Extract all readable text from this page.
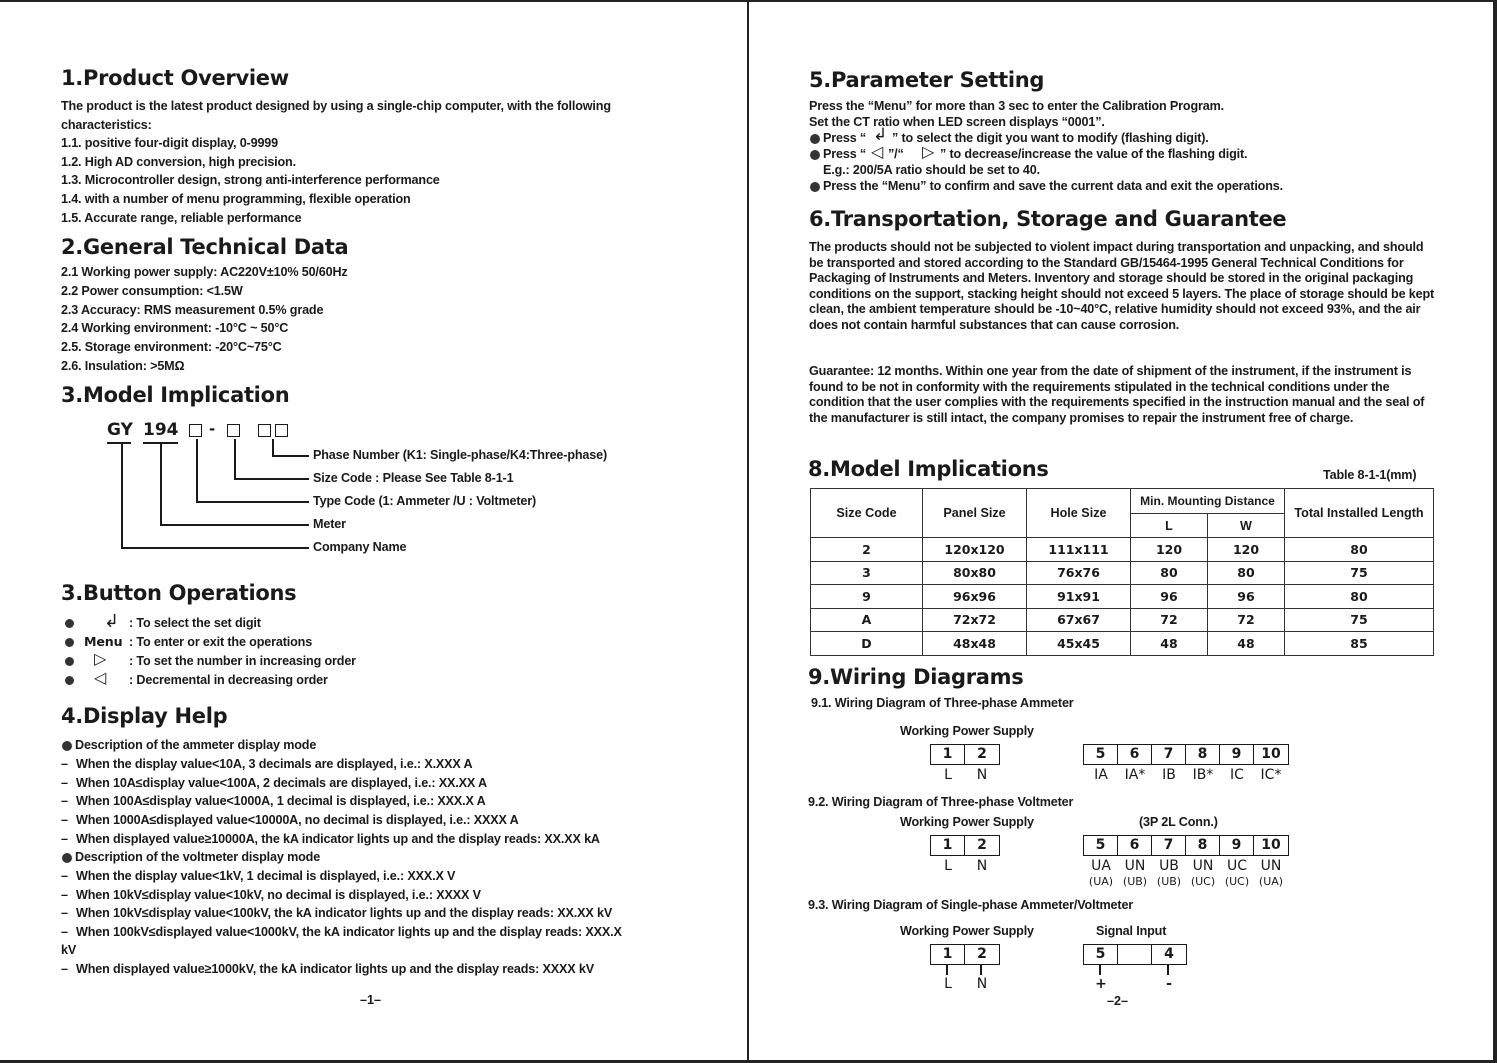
1.Product Overview
The product is the latest product designed by using a single-chip computer, with the following
characteristics:
1.1. positive four-digit display, 0-9999
1.2. High AD conversion, high precision.
1.3. Microcontroller design, strong anti-interference performance
1.4. with a number of menu programming, flexible operation
1.5. Accurate range, reliable performance
2.General Technical Data
2.1 Working power supply: AC220V±10% 50/60Hz
2.2 Power consumption: <1.5W
2.3 Accuracy: RMS measurement 0.5% grade
2.4 Working environment: -10°C ~ 50°C
2.5. Storage environment: -20°C~75°C
2.6. Insulation: >5MΩ
3.Model Implication
GY 194 -
Phase Number (K1: Single-phase/K4:Three-phase)
Size Code : Please See Table 8-1-1
Type Code (1: Ammeter /U : Voltmeter)
Meter
Company Name
3.Button Operations
↲ : To select the set digit
Menu : To enter or exit the operations
▷ : To set the number in increasing order
◁ : Decremental in decreasing order
4.Display Help
Description of the ammeter display mode
– When the display value<10A, 3 decimals are displayed, i.e.: X.XXX A
– When 10A≤display value<100A, 2 decimals are displayed, i.e.: XX.XX A
– When 100A≤display value<1000A, 1 decimal is displayed, i.e.: XXX.X A
– When 1000A≤displayed value<10000A, no decimal is displayed, i.e.: XXXX A
– When displayed value≥10000A, the kA indicator lights up and the display reads: XX.XX kA
Description of the voltmeter display mode
– When the display value<1kV, 1 decimal is displayed, i.e.: XXX.X V
– When 10kV≤display value<10kV, no decimal is displayed, i.e.: XXXX V
– When 10kV≤display value<100kV, the kA indicator lights up and the display reads: XX.XX kV
– When 100kV≤displayed value<1000kV, the kA indicator lights up and the display reads: XXX.X
kV
– When displayed value≥1000kV, the kA indicator lights up and the display reads: XXXX kV
–1–
5.Parameter Setting
Press the “Menu” for more than 3 sec to enter the Calibration Program.
Set the CT ratio when LED screen displays “0001”.
Press “ ↲ ” to select the digit you want to modify (flashing digit).
Press “ ◁ ”/“ ▷ ” to decrease/increase the value of the flashing digit.
E.g.: 200/5A ratio should be set to 40.
Press the “Menu” to confirm and save the current data and exit the operations.
6.Transportation, Storage and Guarantee
The products should not be subjected to violent impact during transportation and unpacking, and should be transported and stored according to the Standard GB/15464-1995 General Technical Conditions for Packaging of Instruments and Meters. Inventory and storage should be stored in the original packaging conditions on the support, stacking height should not exceed 5 layers. The place of storage should be kept clean, the ambient temperature should be -10~40°C, relative humidity should not exceed 93%, and the air does not contain harmful substances that can cause corrosion.
Guarantee: 12 months. Within one year from the date of shipment of the instrument, if the instrument is found to be not in conformity with the requirements stipulated in the technical conditions under the condition that the user complies with the requirements specified in the instruction manual and the seal of the manufacturer is still intact, the company promises to repair the instrument free of charge.
8.Model Implications	Table 8-1-1(mm)
Size Code	Panel Size	Hole Size	Min. Mounting Distance		Total Installed Length
			L	W	
2	120x120	111x111	120	120	80
3	80x80	76x76	80	80	75
9	96x96	91x91	96	96	80
A	72x72	67x67	72	72	75
D	48x48	45x45	48	48	85
9.Wiring Diagrams
9.1. Wiring Diagram of Three-phase Ammeter
Working Power Supply
1	2
L	N
5	6	7	8	9	10
IA	IA*	IB	IB*	IC	IC*
9.2. Wiring Diagram of Three-phase Voltmeter
Working Power Supply	(3P 2L Conn.)
1	2
L	N
5	6	7	8	9	10
UA UN UB UN UC UN
(UA) (UB) (UB) (UC) (UC) (UA)
9.3. Wiring Diagram of Single-phase Ammeter/Voltmeter
Working Power Supply	Signal Input
1	2
L	N
5	4
+	-
–2–
